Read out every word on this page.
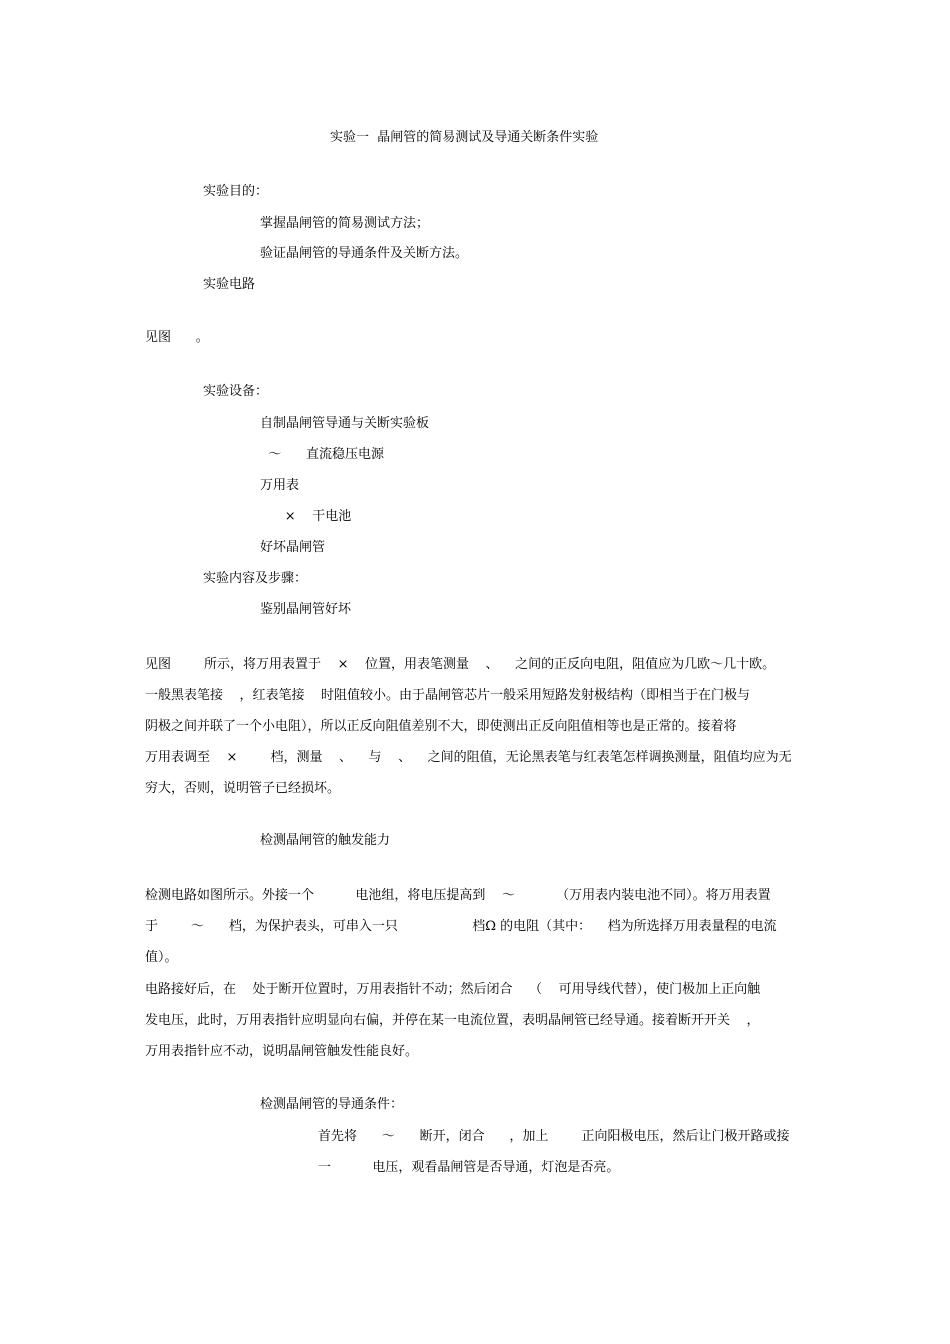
实验一  晶闸管的简易测试及导通关断条件实验
实验目的：
掌握晶闸管的简易测试方法；
验证晶闸管的导通条件及关断方法。
实验电路
见图      。
实验设备：
自制晶闸管导通与关断实验板
～      直流稳压电源
万用表
×    干电池
好坏晶闸管
实验内容及步骤：
鉴别晶闸管好坏
见图        所示，将万用表置于    ×    位置，用表笔测量    、    之间的正反向电阻，阻值应为几欧～几十欧。
一般黑表笔接    ，红表笔接    时阻值较小。由于晶闸管芯片一般采用短路发射极结构（即相当于在门极与
阴极之间并联了一个小电阻），所以正反向阻值差别不大，即使测出正反向阻值相等也是正常的。接着将
万用表调至    ×        档，测量    、    与    、    之间的阻值，无论黑表笔与红表笔怎样调换测量，阻值均应为无
穷大，否则，说明管子已经损坏。
检测晶闸管的触发能力
检测电路如图所示。外接一个          电池组，将电压提高到    ～          （万用表内装电池不同）。将万用表置
于        ～      档，为保护表头，可串入一只                  档Ω 的电阻（其中：    档为所选择万用表量程的电流
值）。
电路接好后，在    处于断开位置时，万用表指针不动；然后闭合    （    可用导线代替），使门极加上正向触
发电压，此时，万用表指针应明显向右偏，并停在某一电流位置，表明晶闸管已经导通。接着断开开关    ，
万用表指针应不动，说明晶闸管触发性能良好。
检测晶闸管的导通条件：
首先将      ～      断开，闭合      ，加上        正向阳极电压，然后让门极开路或接
一          电压，观看晶闸管是否导通，灯泡是否亮。
